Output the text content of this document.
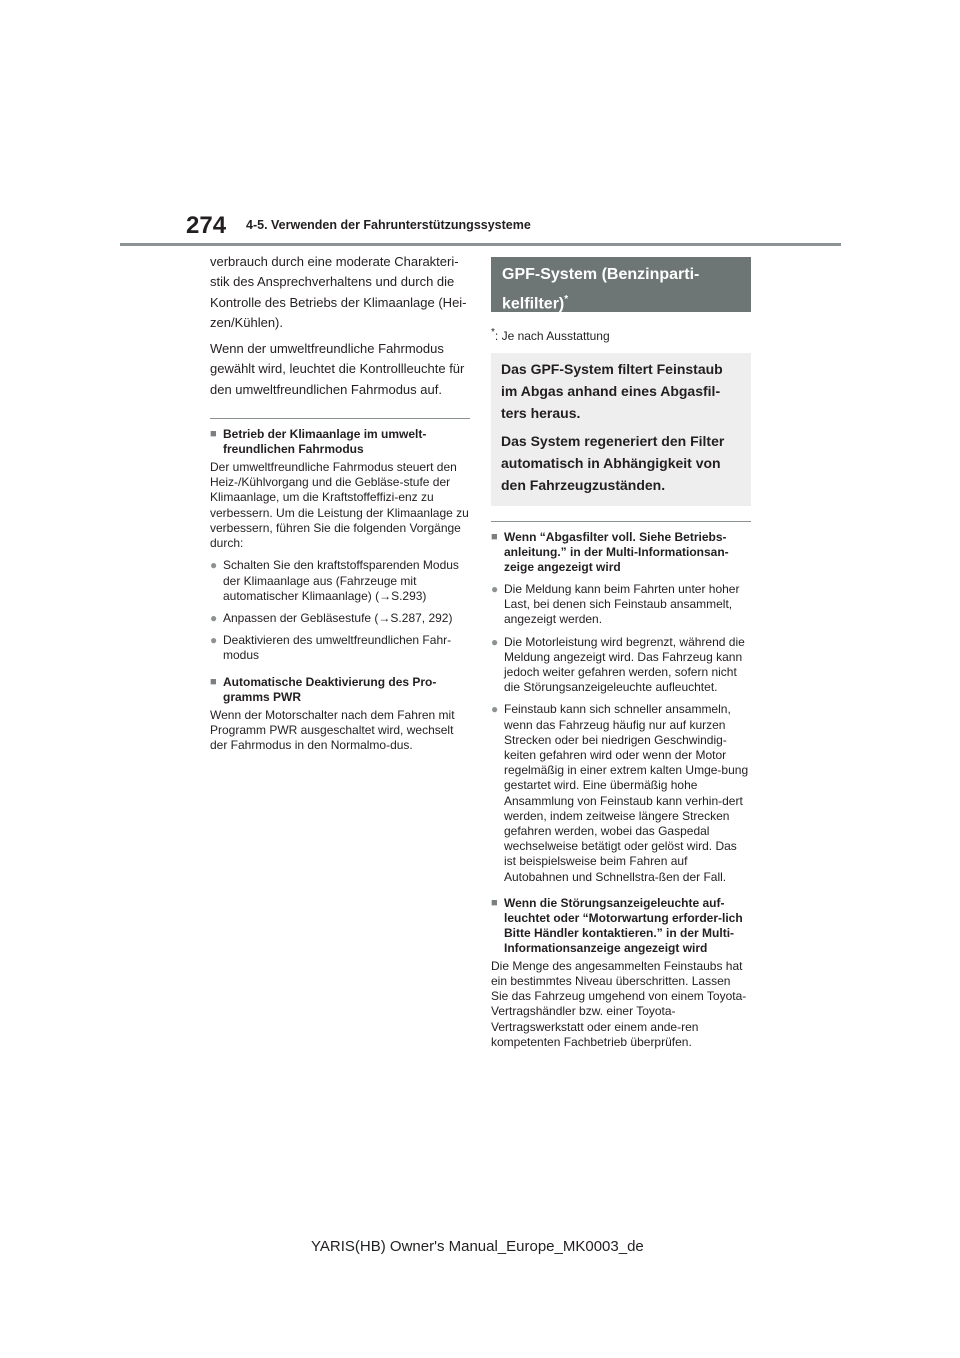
274 4-5. Verwenden der Fahrunterstützungssysteme

verbrauch durch eine moderate Charakteri-

stik des Ansprechverhaltens und durch die

Kontrolle des Betriebs der Klimaanlage (Hei-

zen/Kühlen).

Wenn der umweltfreundliche Fahrmodus

gewählt wird, leuchtet die Kontrollleuchte für

den umweltfreundlichen Fahrmodus auf.

■ Betrieb der Klimaanlage im umwelt-freundlichen Fahrmodus

Der umweltfreundliche Fahrmodus steuert den Heiz-/Kühlvorgang und die Gebläse-stufe der Klimaanlage, um die Kraftstoffeffizi-enz zu verbessern. Um die Leistung der Klimaanlage zu verbessern, führen Sie die folgenden Vorgänge durch:

● Schalten Sie den kraftstoffsparenden Modus der Klimaanlage aus (Fahrzeuge mit automatischer Klimaanlage) (→S.293)
● Anpassen der Gebläsestufe (→S.287, 292)
● Deaktivieren des umweltfreundlichen Fahr-modus
■ Automatische Deaktivierung des Pro-gramms PWR

Wenn der Motorschalter nach dem Fahren mit Programm PWR ausgeschaltet wird, wechselt der Fahrmodus in den Normalmo-dus.

GPF-System (Benzinparti-kelfilter)*

*: Je nach Ausstattung

Das GPF-System filtert Feinstaub im Abgas anhand eines Abgasfil-ters heraus.

Das System regeneriert den Filter automatisch in Abhängigkeit von den Fahrzeugzuständen.

■ Wenn “Abgasfilter voll. Siehe Betriebs-anleitung.” in der Multi-Informationsan-zeige angezeigt wird
● Die Meldung kann beim Fahrten unter hoher Last, bei denen sich Feinstaub ansammelt, angezeigt werden.
● Die Motorleistung wird begrenzt, während die Meldung angezeigt wird. Das Fahrzeug kann jedoch weiter gefahren werden, sofern nicht die Störungsanzeigeleuchte aufleuchtet.
● Feinstaub kann sich schneller ansammeln, wenn das Fahrzeug häufig nur auf kurzen Strecken oder bei niedrigen Geschwindig-keiten gefahren wird oder wenn der Motor regelmäßig in einer extrem kalten Umge-bung gestartet wird. Eine übermäßig hohe Ansammlung von Feinstaub kann verhin-dert werden, indem zeitweise längere Strecken gefahren werden, wobei das Gaspedal wechselweise betätigt oder gelöst wird. Das ist beispielsweise beim Fahren auf Autobahnen und Schnellstra-ßen der Fall.
■ Wenn die Störungsanzeigeleuchte auf-leuchtet oder “Motorwartung erforder-lich Bitte Händler kontaktieren.” in der Multi-Informationsanzeige angezeigt wird

Die Menge des angesammelten Feinstaubs hat ein bestimmtes Niveau überschritten. Lassen Sie das Fahrzeug umgehend von einem Toyota-Vertragshändler bzw. einer Toyota-Vertragswerkstatt oder einem ande-ren kompetenten Fachbetrieb überprüfen.

YARIS(HB) Owner's Manual_Europe_MK0003_de
